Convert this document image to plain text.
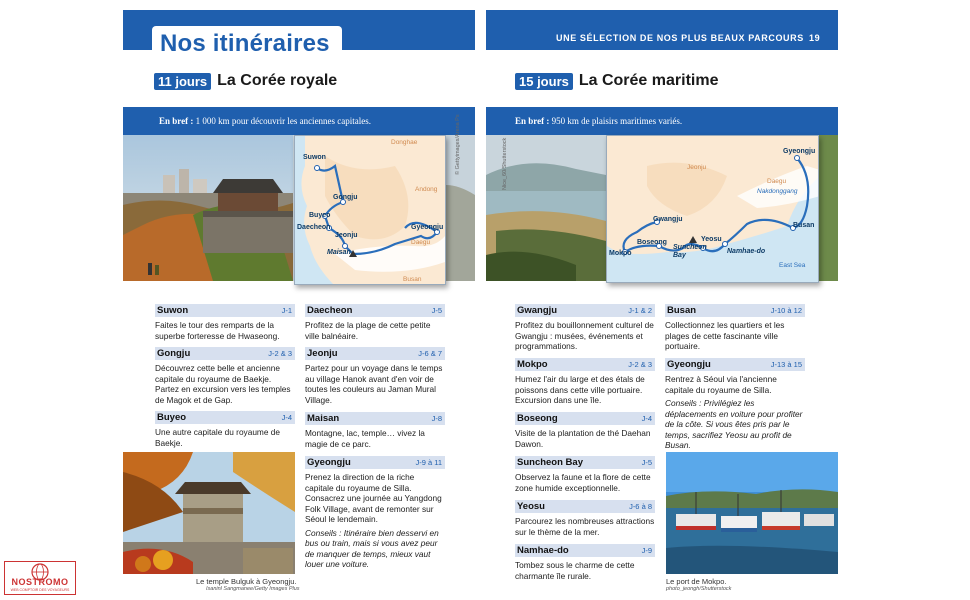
Nos itinéraires	UNE SÉLECTION DE NOS PLUS BEAUX PARCOURS 19
11 jours La Corée royale	15 jours La Corée maritime
En bref : 1 000 km pour découvrir les anciennes capitales.	En bref : 950 km de plaisirs maritimes variés.
Suwon
Gongju
Buyeo
Daecheon
Jeonju
Maisan
Gyeongju
Donghae
Andong
Daegu
Busan
© Gettyimages/Arena Ps	Nice_60/Shutterstock	Gyeongju
Gwangju
Boseong
Mokpo
Yeosu
Suncheon Bay
Namhae-do
Busan
Jeonju
Daegu
Nakdonggang
East Sea
Suwon	J-1
Faites le tour des remparts de la superbe forteresse de Hwaseong.
Gongju	J-2 & 3
Découvrez cette belle et ancienne capitale du royaume de Baekje. Partez en excursion vers les temples de Magok et de Gap.
Buyeo	J-4
Une autre capitale du royaume de Baekje.
Le temple Bulguk à Gyeongju.
Isaninl Sangmanee/Getty Images Plus
Daecheon	J-5
Profitez de la plage de cette petite ville balnéaire.
Jeonju	J-6 & 7
Partez pour un voyage dans le temps au village Hanok avant d'en voir de toutes les couleurs au Jaman Mural Village.
Maisan	J-8
Montagne, lac, temple… vivez la magie de ce parc.
Gyeongju	J-9 à 11
Prenez la direction de la riche capitale du royaume de Silla. Consacrez une journée au Yangdong Folk Village, avant de remonter sur Séoul le lendemain.
Conseils : Itinéraire bien desservi en bus ou train, mais si vous avez peur de manquer de temps, mieux vaut louer une voiture.
Gwangju	J-1 & 2
Profitez du bouillonnement culturel de Gwangju : musées, événements et programmations.
Mokpo	J-2 & 3
Humez l'air du large et des étals de poissons dans cette ville portuaire. Excursion dans une île.
Boseong	J-4
Visite de la plantation de thé Daehan Dawon.
Suncheon Bay	J-5
Observez la faune et la flore de cette zone humide exceptionnelle.
Yeosu	J-6 à 8
Parcourez les nombreuses attractions sur le thème de la mer.
Namhae-do	J-9
Tombez sous le charme de cette charmante île rurale.
Busan	J-10 à 12
Collectionnez les quartiers et les plages de cette fascinante ville portuaire.
Gyeongju	J-13 à 15
Rentrez à Séoul via l'ancienne capitale du royaume de Silla.
Conseils : Privilégiez les déplacements en voiture pour profiter de la côte. Si vous êtes pris par le temps, sacrifiez Yeosu au profit de Busan.
Le port de Mokpo.
photo_jeongh/Shutterstock
NOSTROMO
WEB COMPTOIR DES VOYAGEURS
